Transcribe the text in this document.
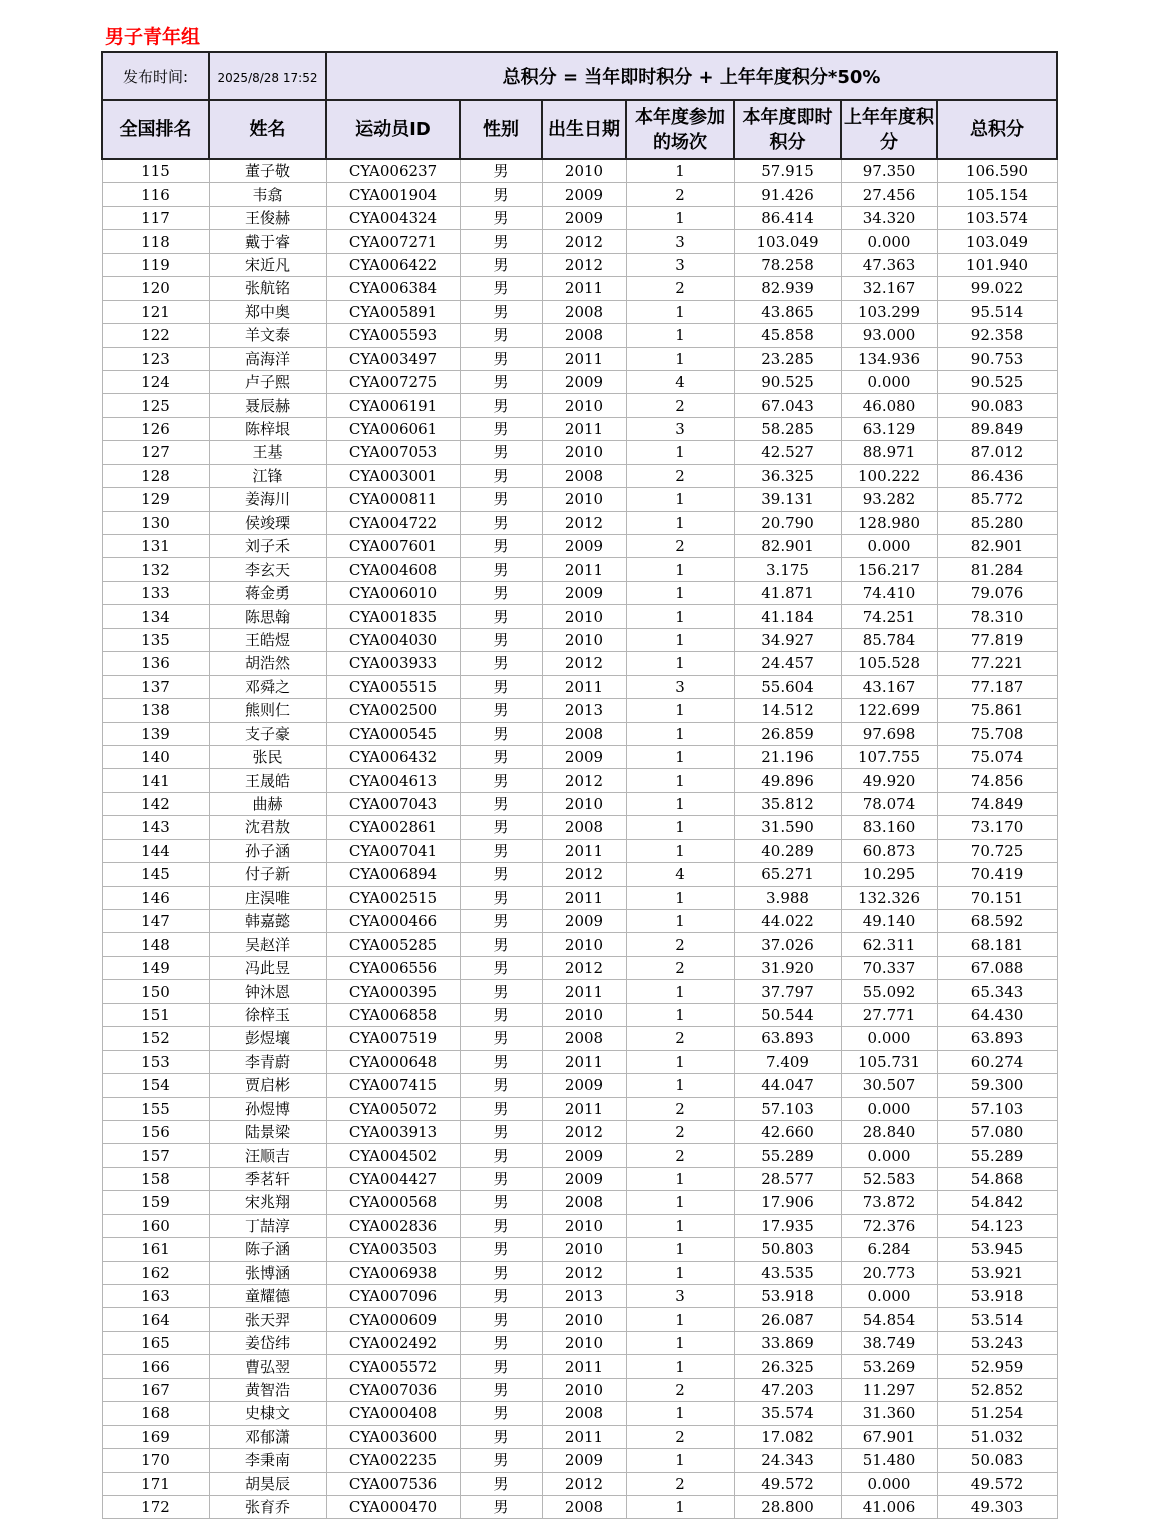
男子青年组
发布时间:	2025/8/28 17:52	总积分 = 当年即时积分 + 上年年度积分*50%						
全国排名	姓名	运动员ID	性别	出生日期	本年度参加的场次	本年度即时积分	上年年度积分	总积分
115	董子敬	CYA006237	男	2010	1	57.915	97.350	106.590
116	韦翕	CYA001904	男	2009	2	91.426	27.456	105.154
117	王俊赫	CYA004324	男	2009	1	86.414	34.320	103.574
118	戴于睿	CYA007271	男	2012	3	103.049	0.000	103.049
119	宋近凡	CYA006422	男	2012	3	78.258	47.363	101.940
120	张航铭	CYA006384	男	2011	2	82.939	32.167	99.022
121	郑中奥	CYA005891	男	2008	1	43.865	103.299	95.514
122	羊文泰	CYA005593	男	2008	1	45.858	93.000	92.358
123	高海洋	CYA003497	男	2011	1	23.285	134.936	90.753
124	卢子熙	CYA007275	男	2009	4	90.525	0.000	90.525
125	聂辰赫	CYA006191	男	2010	2	67.043	46.080	90.083
126	陈梓垠	CYA006061	男	2011	3	58.285	63.129	89.849
127	王基	CYA007053	男	2010	1	42.527	88.971	87.012
128	江锋	CYA003001	男	2008	2	36.325	100.222	86.436
129	姜海川	CYA000811	男	2010	1	39.131	93.282	85.772
130	侯竣瑮	CYA004722	男	2012	1	20.790	128.980	85.280
131	刘子禾	CYA007601	男	2009	2	82.901	0.000	82.901
132	李玄天	CYA004608	男	2011	1	3.175	156.217	81.284
133	蒋金勇	CYA006010	男	2009	1	41.871	74.410	79.076
134	陈思翰	CYA001835	男	2010	1	41.184	74.251	78.310
135	王皓煜	CYA004030	男	2010	1	34.927	85.784	77.819
136	胡浩然	CYA003933	男	2012	1	24.457	105.528	77.221
137	邓舜之	CYA005515	男	2011	3	55.604	43.167	77.187
138	熊则仁	CYA002500	男	2013	1	14.512	122.699	75.861
139	支子豪	CYA000545	男	2008	1	26.859	97.698	75.708
140	张民	CYA006432	男	2009	1	21.196	107.755	75.074
141	王晟皓	CYA004613	男	2012	1	49.896	49.920	74.856
142	曲赫	CYA007043	男	2010	1	35.812	78.074	74.849
143	沈君敖	CYA002861	男	2008	1	31.590	83.160	73.170
144	孙子涵	CYA007041	男	2011	1	40.289	60.873	70.725
145	付子新	CYA006894	男	2012	4	65.271	10.295	70.419
146	庄淏唯	CYA002515	男	2011	1	3.988	132.326	70.151
147	韩嘉懿	CYA000466	男	2009	1	44.022	49.140	68.592
148	吴赵洋	CYA005285	男	2010	2	37.026	62.311	68.181
149	冯此昱	CYA006556	男	2012	2	31.920	70.337	67.088
150	钟沐恩	CYA000395	男	2011	1	37.797	55.092	65.343
151	徐梓玉	CYA006858	男	2010	1	50.544	27.771	64.430
152	彭煜壤	CYA007519	男	2008	2	63.893	0.000	63.893
153	李青蔚	CYA000648	男	2011	1	7.409	105.731	60.274
154	贾启彬	CYA007415	男	2009	1	44.047	30.507	59.300
155	孙煜博	CYA005072	男	2011	2	57.103	0.000	57.103
156	陆景梁	CYA003913	男	2012	2	42.660	28.840	57.080
157	汪顺吉	CYA004502	男	2009	2	55.289	0.000	55.289
158	季茗轩	CYA004427	男	2009	1	28.577	52.583	54.868
159	宋兆翔	CYA000568	男	2008	1	17.906	73.872	54.842
160	丁喆淳	CYA002836	男	2010	1	17.935	72.376	54.123
161	陈子涵	CYA003503	男	2010	1	50.803	6.284	53.945
162	张博涵	CYA006938	男	2012	1	43.535	20.773	53.921
163	童耀德	CYA007096	男	2013	3	53.918	0.000	53.918
164	张天羿	CYA000609	男	2010	1	26.087	54.854	53.514
165	姜岱纬	CYA002492	男	2010	1	33.869	38.749	53.243
166	曹弘翌	CYA005572	男	2011	1	26.325	53.269	52.959
167	黄智浩	CYA007036	男	2010	2	47.203	11.297	52.852
168	史棣文	CYA000408	男	2008	1	35.574	31.360	51.254
169	邓郁潇	CYA003600	男	2011	2	17.082	67.901	51.032
170	李秉南	CYA002235	男	2009	1	24.343	51.480	50.083
171	胡昊辰	CYA007536	男	2012	2	49.572	0.000	49.572
172	张育乔	CYA000470	男	2008	1	28.800	41.006	49.303
